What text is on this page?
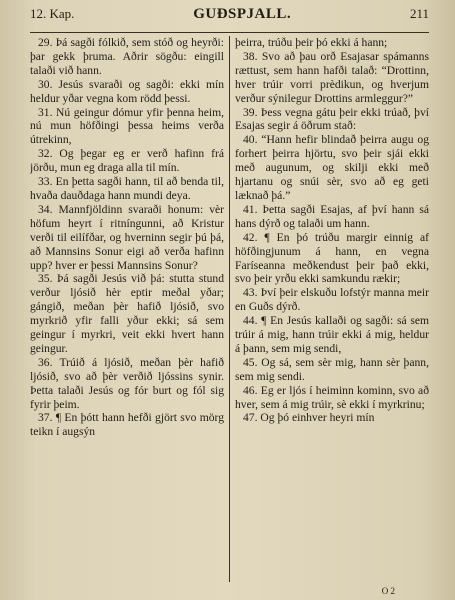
12. Kap.	GUÐSPJALL.	211

29. Þá sagði fólkið, sem stóð og heyrði: þar gekk þruma. Aðrir sögðu: eingill talaði við hann.

30. Jesús svaraði og sagði: ekki mín heldur yðar vegna kom rödd þessi.

31. Nú geingur dómur yfir þenna heim, nú mun höfðingi þessa heims verða útrekinn,

32. Og þegar eg er verð hafinn frá jörðu, mun eg draga alla til mín.

33. En þetta sagði hann, til að benda til, hvaða dauðdaga hann mundi deya.

34. Mannfjöldinn svaraði honum: vèr höfum heyrt í ritníngunni, að Kristur verði til eilífðar, og hverninn segir þú þá, að Mannsins Sonur eigi að verða hafinn upp? hver er þessi Mannsins Sonur?

35. Þá sagði Jesús við þá: stutta stund verður ljósið hèr eptir meðal yðar; gángið, meðan þèr hafið ljósið, svo myrkrið yfir falli yður ekki; sá sem geingur í myrkri, veit ekki hvert hann geingur.

36. Trúið á ljósið, meðan þèr hafið ljósið, svo að þèr verðið ljóssins synir. Þetta talaði Jesús og fór burt og fól sig fyrir þeim.

37. ¶ En þótt hann hefði gjört svo mörg teikn í augsýn

þeirra, trúðu þeir þó ekki á hann;

38. Svo að þau orð Esajasar spámanns rættust, sem hann hafði talað: “Drottinn, hver trúir vorri prèdikun, og hverjum verður sýnilegur Drottins armleggur?”

39. Þess vegna gátu þeir ekki trúað, því Esajas segir á öðrum stað:

40. “Hann hefir blindað þeirra augu og forhert þeirra hjörtu, svo þeir sjái ekki með augunum, og skilji ekki með hjartanu og snúi sèr, svo að eg geti læknað þá.”

41. Þetta sagði Esajas, af því hann sá hans dýrð og talaði um hann.

42. ¶ En þó trúðu margir einnig af höfðingjunum á hann, en vegna Faríseanna meðkendust þeir það ekki, svo þeir yrðu ekki samkundu rækir;

43. Því þeir elskuðu lofstýr manna meir en Guðs dýrð.

44. ¶ En Jesús kallaði og sagði: sá sem trúir á mig, hann trúir ekki á mig, heldur á þann, sem mig sendi,

45. Og sá, sem sèr mig, hann sèr þann, sem mig sendi.

46. Eg er ljós í heiminn kominn, svo að hver, sem á mig trúir, sè ekki í myrkrinu;

47. Og þó einhver heyri mín

O 2
